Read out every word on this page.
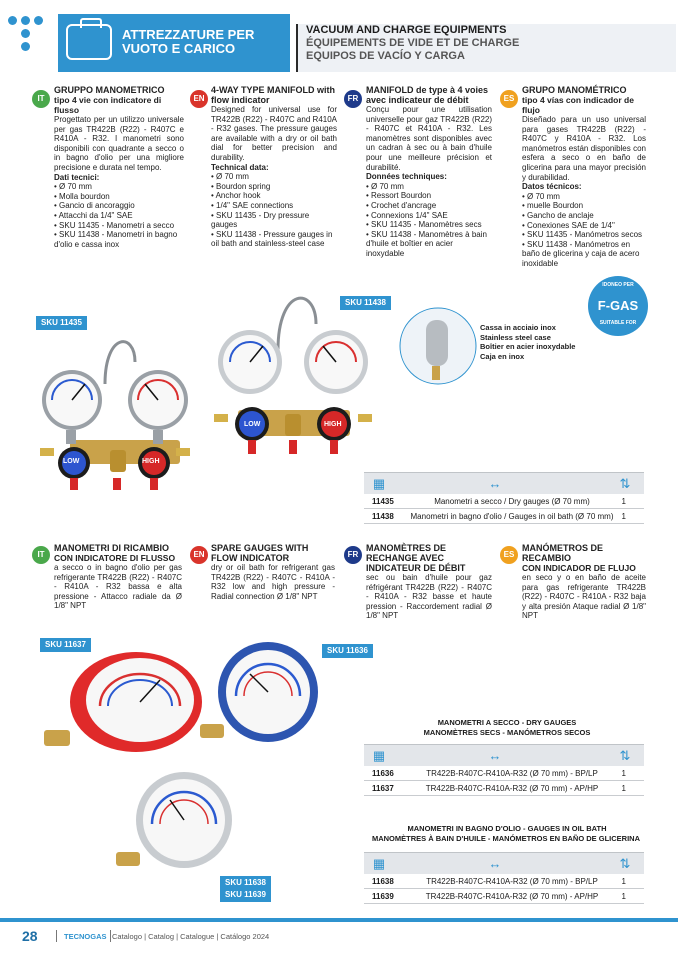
ATTREZZATURE PER VUOTO E CARICO
VACUUM AND CHARGE EQUIPMENTS
ÉQUIPEMENTS DE VIDE ET DE CHARGE
EQUIPOS DE VACÍO Y CARGA
IT
GRUPPO MANOMETRICO
tipo 4 vie con indicatore di flusso

Progettato per un utilizzo universale per gas TR422B (R22) - R407C e R410A - R32. I manometri sono disponibili con quadrante a secco o in bagno d'olio per una migliore precisione e durata nel tempo.

Dati tecnici:
• Ø 70 mm
• Molla bourdon
• Gancio di ancoraggio
• Attacchi da 1/4" SAE
• SKU 11435 - Manometri a secco
• SKU 11438 - Manometri in bagno d'olio e cassa inox
EN
4-WAY TYPE MANIFOLD with flow indicator

Designed for universal use for TR422B (R22) - R407C and R410A - R32 gases. The pressure gauges are available with a dry or oil bath dial for better precision and durability.

Technical data:
• Ø 70 mm
• Bourdon spring
• Anchor hook
• 1/4" SAE connections
• SKU 11435 - Dry pressure gauges
• SKU 11438 - Pressure gauges in oil bath and stainless-steel case
FR
MANIFOLD de type à 4 voies avec indicateur de débit

Conçu pour une utilisation universelle pour gaz TR422B (R22) - R407C et R410A - R32. Les manomètres sont disponibles avec un cadran à sec ou à bain d'huile pour une meilleure précision et durabilité.

Données techniques:
• Ø 70 mm
• Ressort Bourdon
• Crochet d'ancrage
• Connexions 1/4" SAE
• SKU 11435 - Manomètres secs
• SKU 11438 - Manomètres à bain d'huile et boîtier en acier inoxydable
ES
GRUPO MANOMÉTRICO
tipo 4 vías con indicador de flujo

Diseñado para un uso universal para gases TR422B (R22) - R407C y R410A - R32. Los manómetros están disponibles con esfera a seco o en baño de glicerina para una mayor precisión y durabilidad.

Datos técnicos:
• Ø 70 mm
• muelle Bourdon
• Gancho de anclaje
• Conexiones SAE de 1/4"
• SKU 11435 - Manómetros secos
• SKU 11438 - Manómetros en baño de glicerina y caja de acero inoxidable
IDONEO PER
F-GAS
SUITABLE FOR
SKU 11435
LOW	HIGH
SKU 11438
LOW	HIGH
Cassa in acciaio inox
Stainless steel case
Boîtier en acier inoxydable
Caja en inox
▦	↔	⇅
11435	Manometri a secco / Dry gauges (Ø 70 mm)	1
11438	Manometri in bagno d'olio / Gauges in oil bath (Ø 70 mm)	1
IT
MANOMETRI DI RICAMBIO
CON INDICATORE DI FLUSSO

a secco o in bagno d'olio per gas refrigerante TR422B (R22) - R407C - R410A - R32 bassa e alta pressione - Attacco radiale da Ø 1/8" NPT

EN
SPARE GAUGES WITH FLOW INDICATOR

dry or oil bath for refrigerant gas TR422B (R22) - R407C - R410A - R32 low and high pressure - Radial connection Ø 1/8" NPT

FR
MANOMÈTRES DE RECHANGE AVEC INDICATEUR DE DÉBIT

sec ou bain d'huile pour gaz réfrigérant TR422B (R22) - R407C - R410A - R32 basse et haute pression - Raccordement radial Ø 1/8" NPT

ES
MANÓMETROS DE RECAMBIO
CON INDICADOR DE FLUJO

en seco y o en baño de aceite para gas refrigerante TR422B (R22) - R407C - R410A - R32 baja y alta presión Ataque radial Ø 1/8" NPT

SKU 11637
SKU 11636
SKU 11638
SKU 11639
MANOMETRI A SECCO - DRY GAUGES
MANOMÈTRES SECS - MANÓMETROS SECOS
▦	↔	⇅
11636	TR422B-R407C-R410A-R32 (Ø 70 mm) - BP/LP	1
11637	TR422B-R407C-R410A-R32 (Ø 70 mm) - AP/HP	1
MANOMETRI IN BAGNO D'OLIO - GAUGES IN OIL BATH
MANOMÈTRES À BAIN D'HUILE - MANÓMETROS EN BAÑO DE GLICERINA
▦	↔	⇅
11638	TR422B-R407C-R410A-R32 (Ø 70 mm) - BP/LP	1
11639	TR422B-R407C-R410A-R32 (Ø 70 mm) - AP/HP	1
28	TECNOGAS Catalogo | Catalog | Catalogue | Catálogo 2024
